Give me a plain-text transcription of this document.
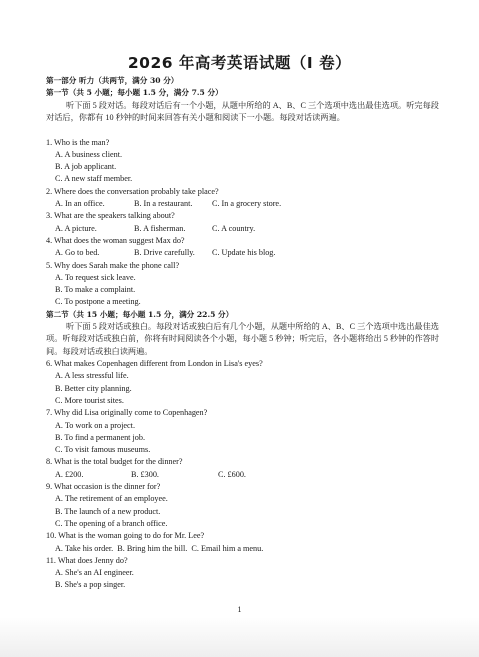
2026 年高考英语试题（I 卷）
第一部分 听力（共两节，满分 30 分）
第一节（共 5 小题；每小题 1.5 分，满分 7.5 分）
听下面 5 段对话。每段对话后有一个小题，从题中所给的 A、B、C 三个选项中选出最佳选项。听完每段对话后，你都有 10 秒钟的时间来回答有关小题和阅读下一小题。每段对话读两遍。
1. Who is the man?
A. A business client.
B. A job applicant.
C. A new staff member.
2. Where does the conversation probably take place?
A. In an office.	B. In a restaurant.	C. In a grocery store.
3. What are the speakers talking about?
A. A picture.	B. A fisherman.	C. A country.
4. What does the woman suggest Max do?
A. Go to bed.	B. Drive carefully.	C. Update his blog.
5. Why does Sarah make the phone call?
A. To request sick leave.
B. To make a complaint.
C. To postpone a meeting.
第二节（共 15 小题；每小题 1.5 分，满分 22.5 分）
听下面 5 段对话或独白。每段对话或独白后有几个小题，从题中所给的 A、B、C 三个选项中选出最佳选项。听每段对话或独白前，你将有时间阅读各个小题，每小题 5 秒钟；听完后，各小题将给出 5 秒钟的作答时间。每段对话或独白读两遍。
6. What makes Copenhagen different from London in Lisa's eyes?
A. A less stressful life.
B. Better city planning.
C. More tourist sites.
7. Why did Lisa originally come to Copenhagen?
A. To work on a project.
B. To find a permanent job.
C. To visit famous museums.
8. What is the total budget for the dinner?
A. £200.	B. £300.	C. £600.
9. What occasion is the dinner for?
A. The retirement of an employee.
B. The launch of a new product.
C. The opening of a branch office.
10. What is the woman going to do for Mr. Lee?
A. Take his order. B. Bring him the bill. C. Email him a menu.
11. What does Jenny do?
A. She's an AI engineer.
B. She's a pop singer.
1
